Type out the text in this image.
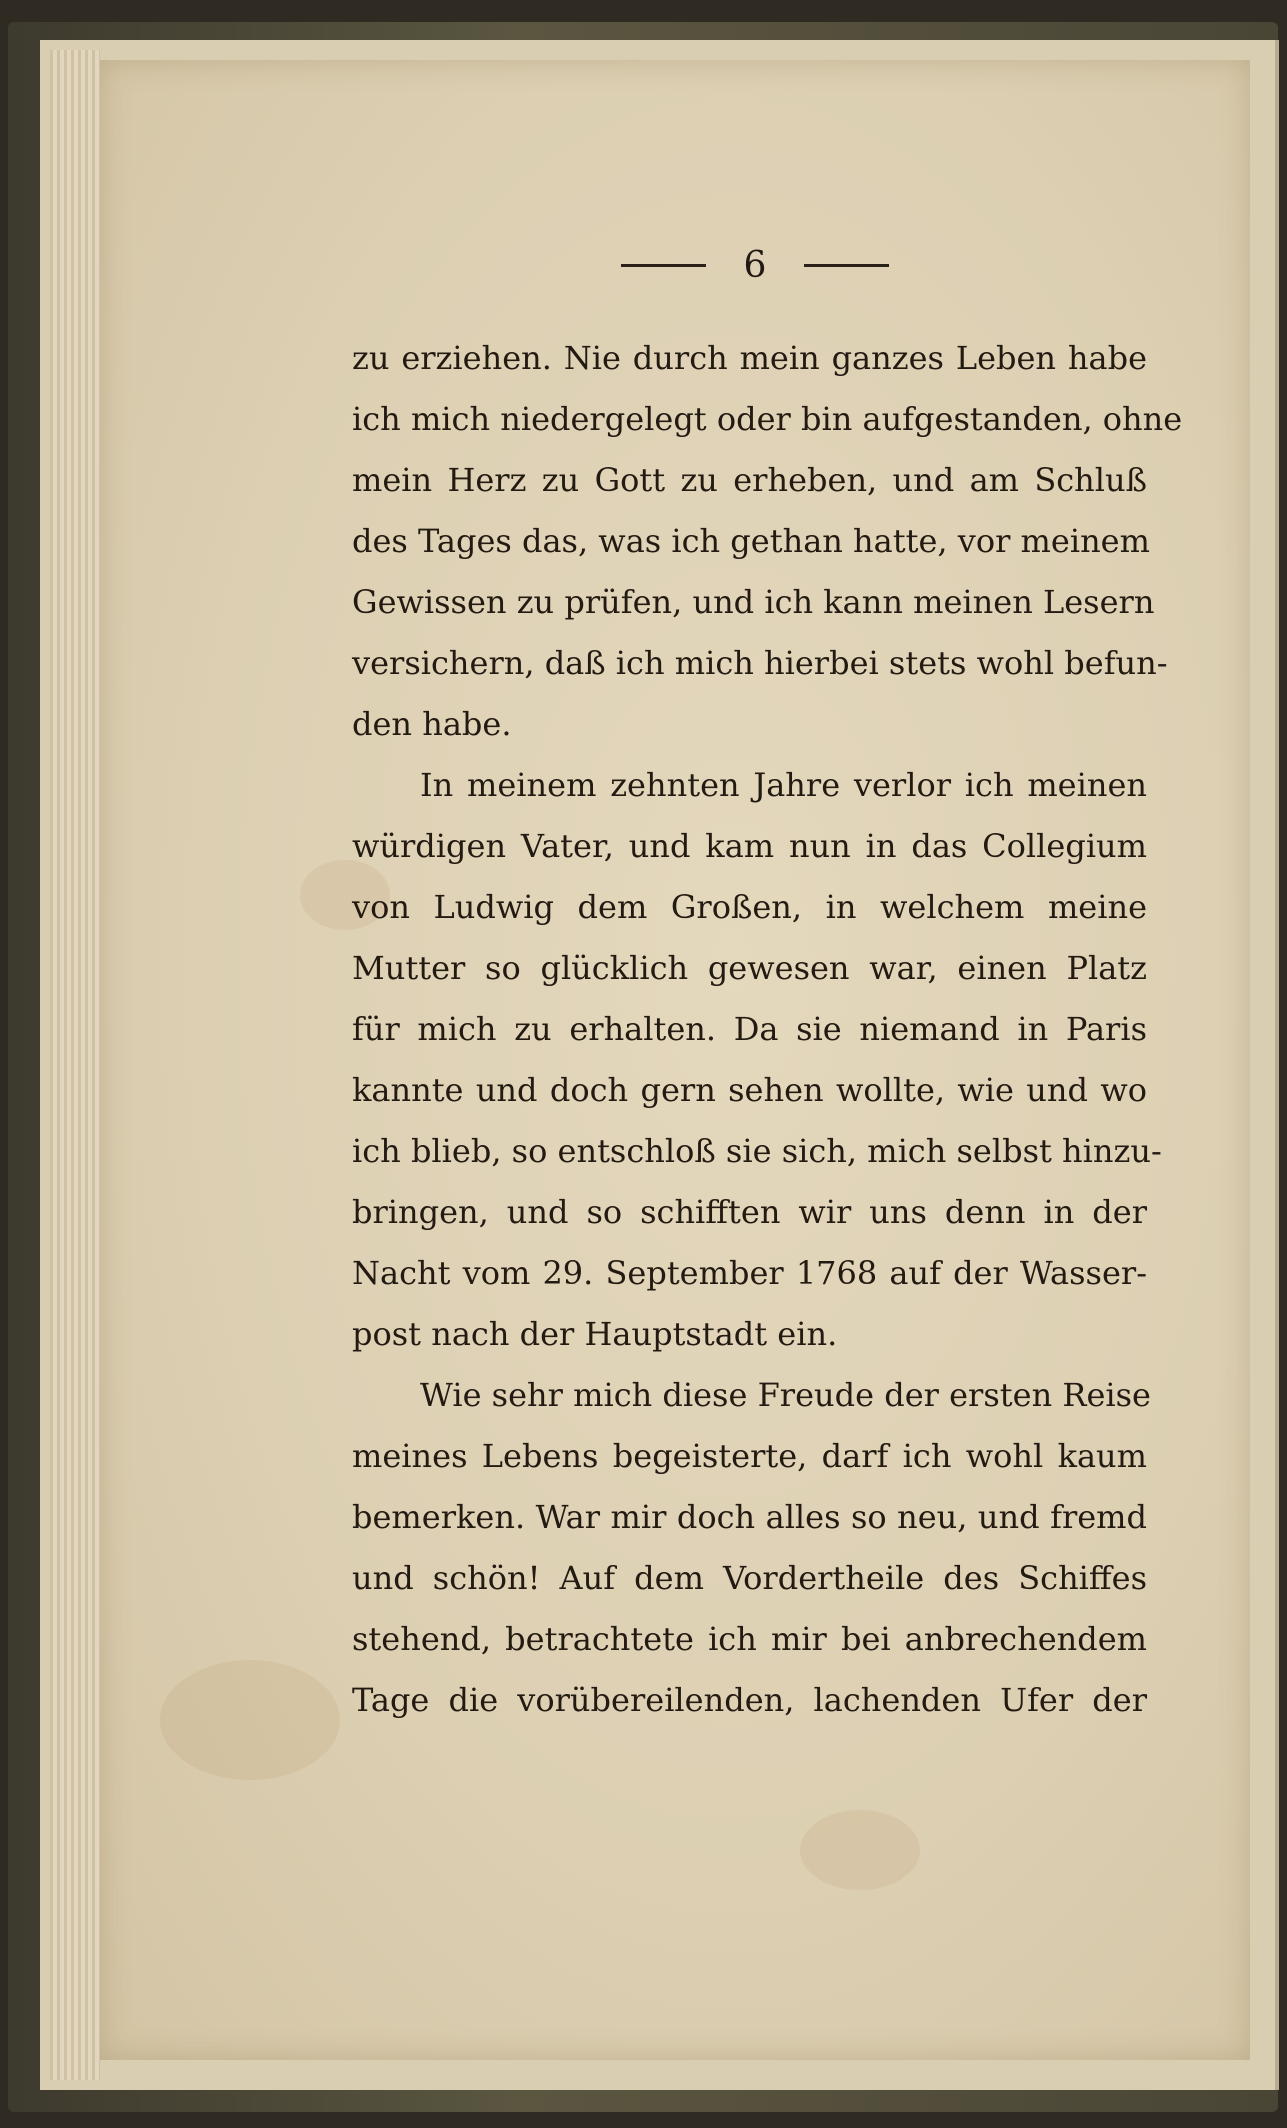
6
zu erziehen. Nie durch mein ganzes Leben habe
ich mich niedergelegt oder bin aufgestanden, ohne
mein Herz zu Gott zu erheben, und am Schluß
des Tages das, was ich gethan hatte, vor meinem
Gewissen zu prüfen, und ich kann meinen Lesern
versichern, daß ich mich hierbei stets wohl befun-
den habe.
In meinem zehnten Jahre verlor ich meinen
würdigen Vater, und kam nun in das Collegium
von Ludwig dem Großen, in welchem meine
Mutter so glücklich gewesen war, einen Platz
für mich zu erhalten. Da sie niemand in Paris
kannte und doch gern sehen wollte, wie und wo
ich blieb, so entschloß sie sich, mich selbst hinzu-
bringen, und so schifften wir uns denn in der
Nacht vom 29. September 1768 auf der Wasser-
post nach der Hauptstadt ein.
Wie sehr mich diese Freude der ersten Reise
meines Lebens begeisterte, darf ich wohl kaum
bemerken. War mir doch alles so neu, und fremd
und schön! Auf dem Vordertheile des Schiffes
stehend, betrachtete ich mir bei anbrechendem
Tage die vorübereilenden, lachenden Ufer der
